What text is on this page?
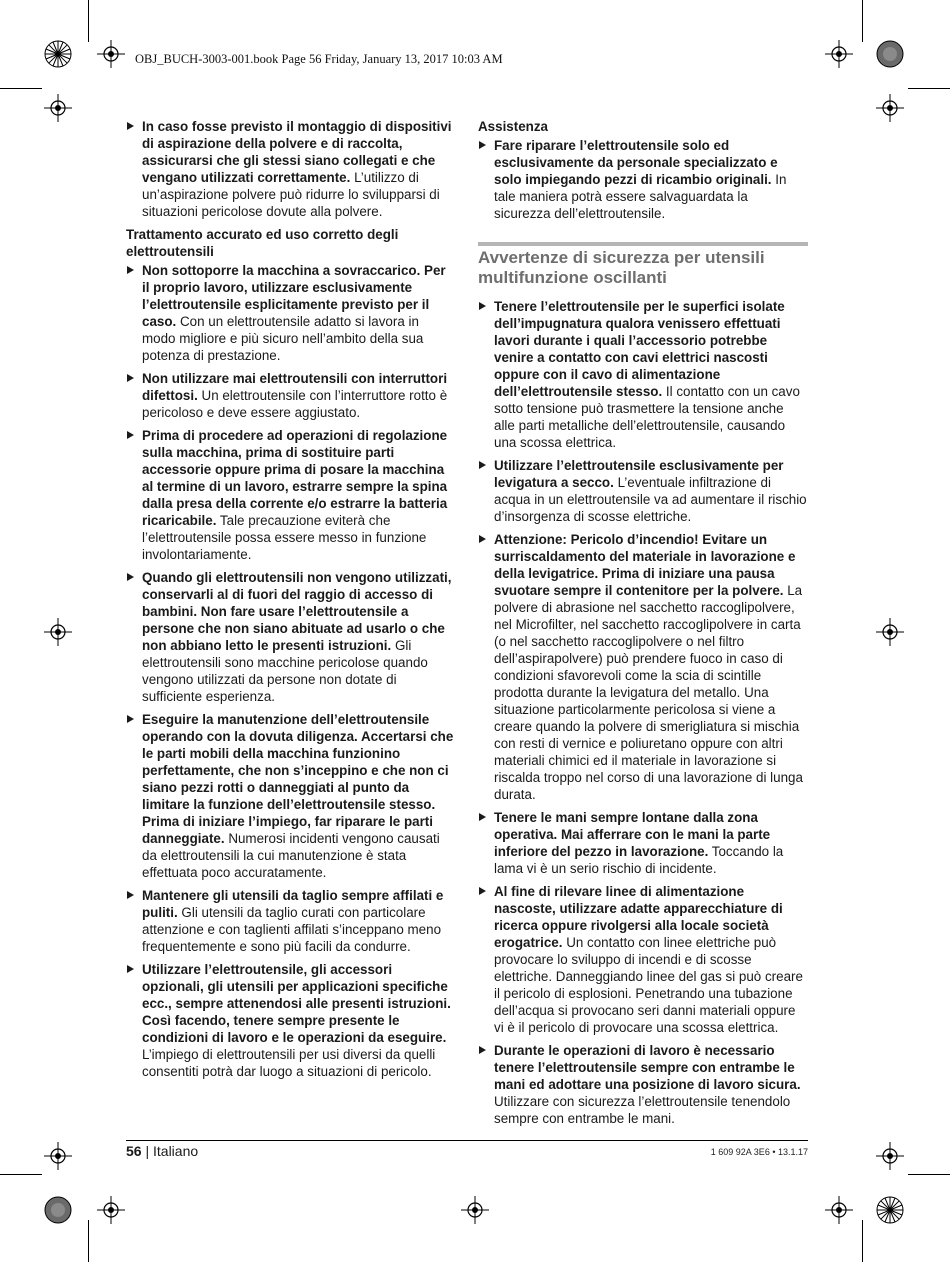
OBJ_BUCH-3003-001.book Page 56 Friday, January 13, 2017 10:03 AM
In caso fosse previsto il montaggio di dispositivi di aspirazione della polvere e di raccolta, assicurarsi che gli stessi siano collegati e che vengano utilizzati correttamente. L’utilizzo di un’aspirazione polvere può ridurre lo svilupparsi di situazioni pericolose dovute alla polvere.
Trattamento accurato ed uso corretto degli elettroutensili
Non sottoporre la macchina a sovraccarico. Per il proprio lavoro, utilizzare esclusivamente l’elettroutensile esplicitamente previsto per il caso. Con un elettroutensile adatto si lavora in modo migliore e più sicuro nell’ambito della sua potenza di prestazione.
Non utilizzare mai elettroutensili con interruttori difettosi. Un elettroutensile con l’interruttore rotto è pericoloso e deve essere aggiustato.
Prima di procedere ad operazioni di regolazione sulla macchina, prima di sostituire parti accessorie oppure prima di posare la macchina al termine di un lavoro, estrarre sempre la spina dalla presa della corrente e/o estrarre la batteria ricaricabile. Tale precauzione eviterà che l’elettroutensile possa essere messo in funzione involontariamente.
Quando gli elettroutensili non vengono utilizzati, conservarli al di fuori del raggio di accesso di bambini. Non fare usare l’elettroutensile a persone che non siano abituate ad usarlo o che non abbiano letto le presenti istruzioni. Gli elettroutensili sono macchine pericolose quando vengono utilizzati da persone non dotate di sufficiente esperienza.
Eseguire la manutenzione dell’elettroutensile operando con la dovuta diligenza. Accertarsi che le parti mobili della macchina funzionino perfettamente, che non s’inceppino e che non ci siano pezzi rotti o danneggiati al punto da limitare la funzione dell’elettroutensile stesso. Prima di iniziare l’impiego, far riparare le parti danneggiate. Numerosi incidenti vengono causati da elettroutensili la cui manutenzione è stata effettuata poco accuratamente.
Mantenere gli utensili da taglio sempre affilati e puliti. Gli utensili da taglio curati con particolare attenzione e con taglienti affilati s’inceppano meno frequentemente e sono più facili da condurre.
Utilizzare l’elettroutensile, gli accessori opzionali, gli utensili per applicazioni specifiche ecc., sempre attenendosi alle presenti istruzioni. Così facendo, tenere sempre presente le condizioni di lavoro e le operazioni da eseguire. L’impiego di elettroutensili per usi diversi da quelli consentiti potrà dar luogo a situazioni di pericolo.
Assistenza
Fare riparare l’elettroutensile solo ed esclusivamente da personale specializzato e solo impiegando pezzi di ricambio originali. In tale maniera potrà essere salvaguardata la sicurezza dell’elettroutensile.
Avvertenze di sicurezza per utensili multifunzione oscillanti
Tenere l’elettroutensile per le superfici isolate dell’impugnatura qualora venissero effettuati lavori durante i quali l’accessorio potrebbe venire a contatto con cavi elettrici nascosti oppure con il cavo di alimentazione dell’elettroutensile stesso. Il contatto con un cavo sotto tensione può trasmettere la tensione anche alle parti metalliche dell’elettroutensile, causando una scossa elettrica.
Utilizzare l’elettroutensile esclusivamente per levigatura a secco. L’eventuale infiltrazione di acqua in un elettroutensile va ad aumentare il rischio d’insorgenza di scosse elettriche.
Attenzione: Pericolo d’incendio! Evitare un surriscaldamento del materiale in lavorazione e della levigatrice. Prima di iniziare una pausa svuotare sempre il contenitore per la polvere. La polvere di abrasione nel sacchetto raccoglipolvere, nel Microfilter, nel sacchetto raccoglipolvere in carta (o nel sacchetto raccoglipolvere o nel filtro dell’aspirapolvere) può prendere fuoco in caso di condizioni sfavorevoli come la scia di scintille prodotta durante la levigatura del metallo. Una situazione particolarmente pericolosa si viene a creare quando la polvere di smerigliatura si mischia con resti di vernice e poliuretano oppure con altri materiali chimici ed il materiale in lavorazione si riscalda troppo nel corso di una lavorazione di lunga durata.
Tenere le mani sempre lontane dalla zona operativa. Mai afferrare con le mani la parte inferiore del pezzo in lavorazione. Toccando la lama vi è un serio rischio di incidente.
Al fine di rilevare linee di alimentazione nascoste, utilizzare adatte apparecchiature di ricerca oppure rivolgersi alla locale società erogatrice. Un contatto con linee elettriche può provocare lo sviluppo di incendi e di scosse elettriche. Danneggiando linee del gas si può creare il pericolo di esplosioni. Penetrando una tubazione dell’acqua si provocano seri danni materiali oppure vi è il pericolo di provocare una scossa elettrica.
Durante le operazioni di lavoro è necessario tenere l’elettroutensile sempre con entrambe le mani ed adottare una posizione di lavoro sicura. Utilizzare con sicurezza l’elettroutensile tenendolo sempre con entrambe le mani.
56 | Italiano	1 609 92A 3E6 • 13.1.17
